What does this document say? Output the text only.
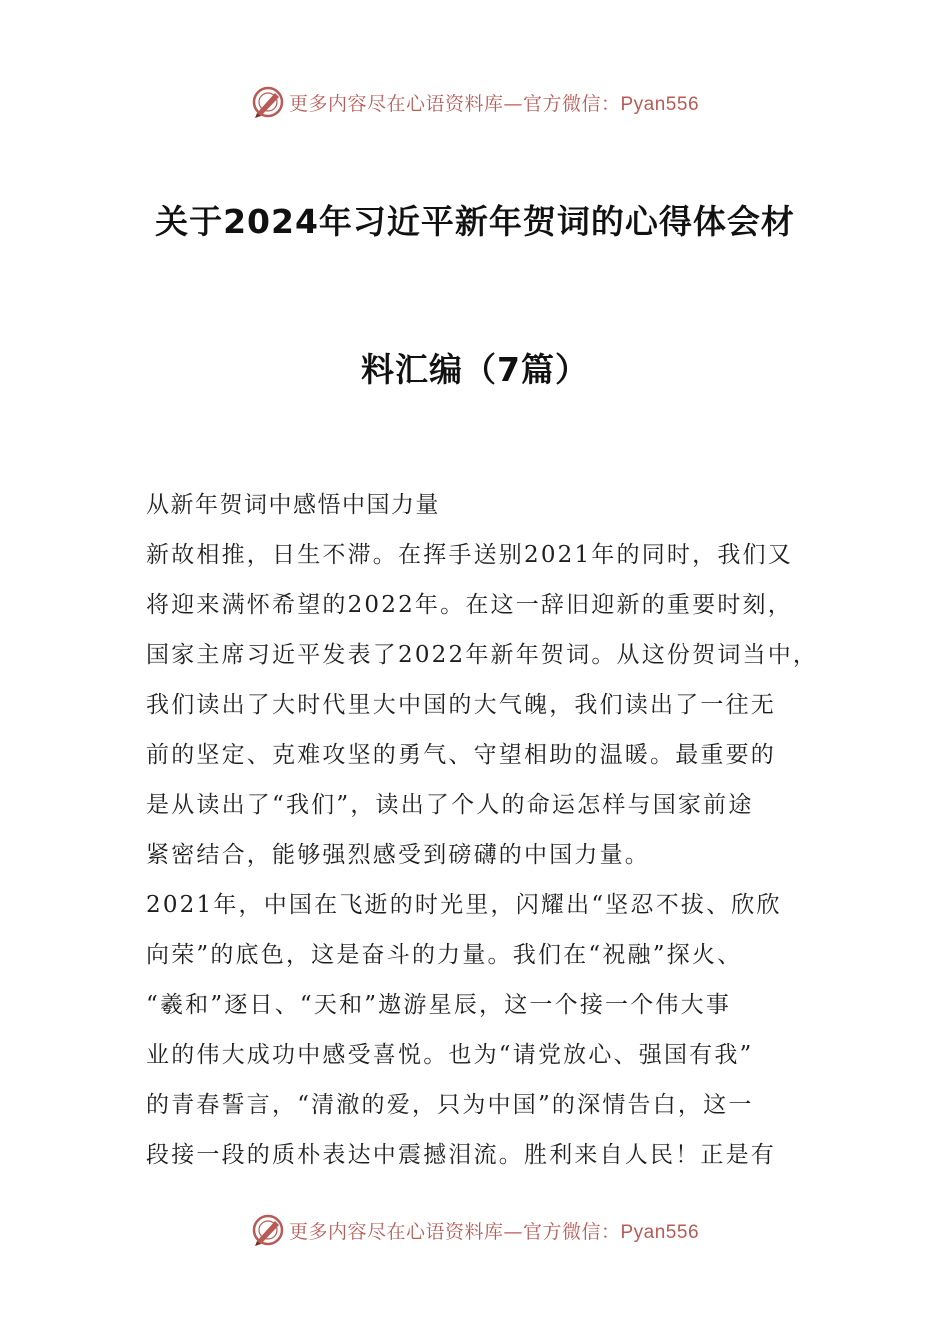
更多内容尽在心语资料库—官方微信：Pyan556
关于2024年习近平新年贺词的心得体会材
料汇编（7篇）
从新年贺词中感悟中国力量
新故相推，日生不滞。在挥手送别2021年的同时，我们又
将迎来满怀希望的2022年。在这一辞旧迎新的重要时刻，
国家主席习近平发表了2022年新年贺词。从这份贺词当中，
我们读出了大时代里大中国的大气魄，我们读出了一往无
前的坚定、克难攻坚的勇气、守望相助的温暖。最重要的
是从读出了“我们”，读出了个人的命运怎样与国家前途
紧密结合，能够强烈感受到磅礴的中国力量。
2021年，中国在飞逝的时光里，闪耀出“坚忍不拔、欣欣
向荣”的底色，这是奋斗的力量。我们在“祝融”探火、
“羲和”逐日、“天和”遨游星辰，这一个接一个伟大事
业的伟大成功中感受喜悦。也为“请党放心、强国有我”
的青春誓言，“清澈的爱，只为中国”的深情告白，这一
段接一段的质朴表达中震撼泪流。胜利来自人民！正是有
更多内容尽在心语资料库—官方微信：Pyan556
